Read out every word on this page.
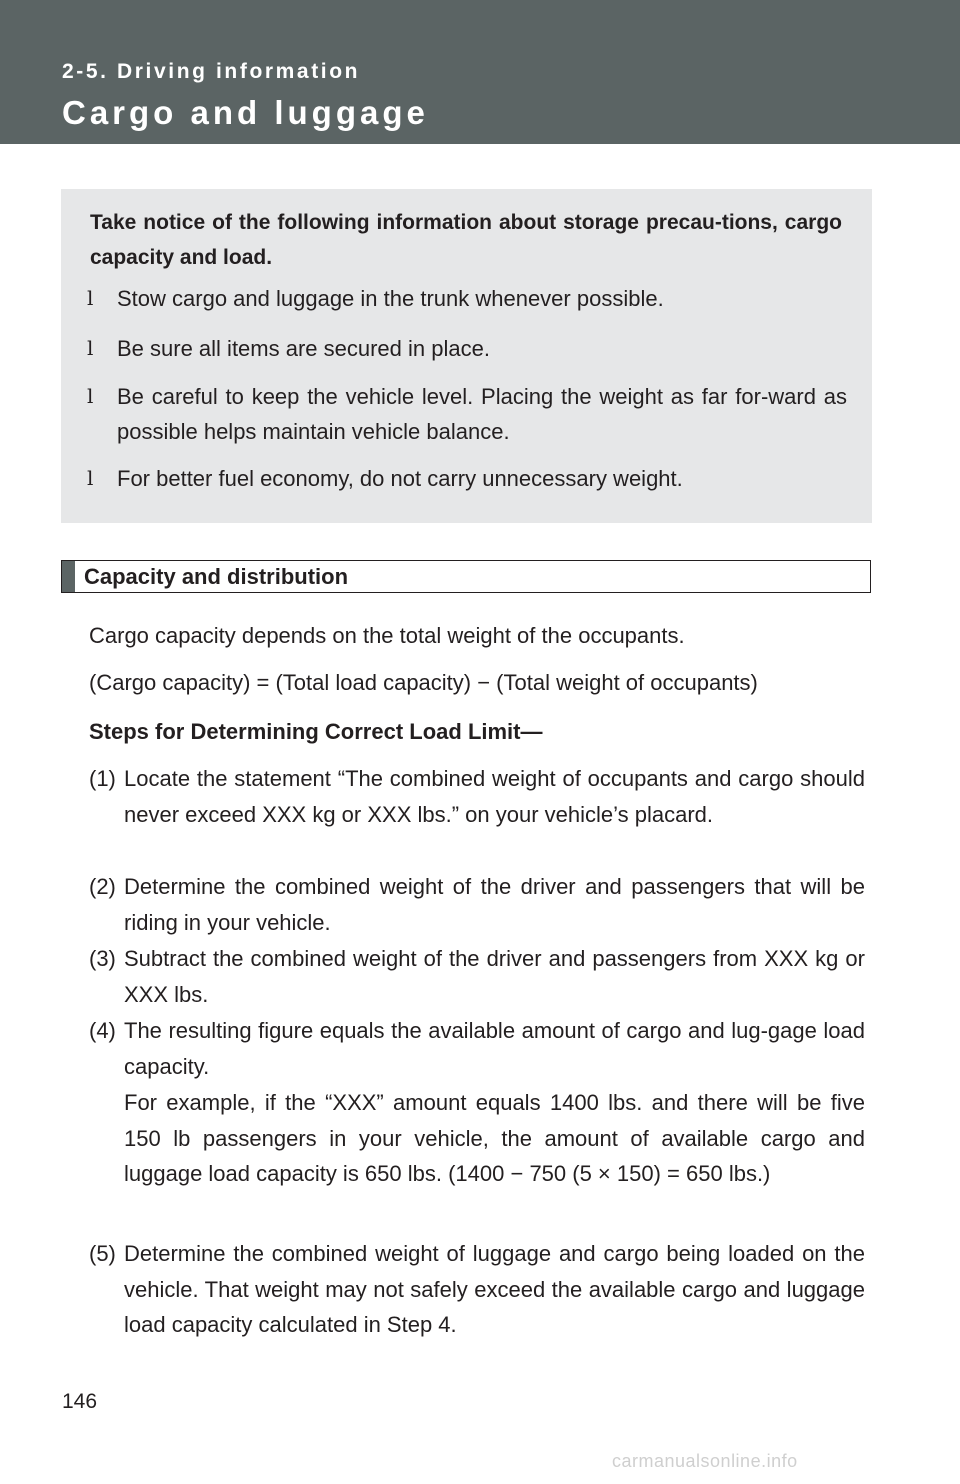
2-5. Driving information
Cargo and luggage
Take notice of the following information about storage precau-tions, cargo capacity and load.
l	Stow cargo and luggage in the trunk whenever possible.
l	Be sure all items are secured in place.
l	Be careful to keep the vehicle level. Placing the weight as far for-ward as possible helps maintain vehicle balance.
l	For better fuel economy, do not carry unnecessary weight.
Capacity and distribution
Cargo capacity depends on the total weight of the occupants.
(Cargo capacity) = (Total load capacity) − (Total weight of occupants)
Steps for Determining Correct Load Limit—
(1) Locate the statement “The combined weight of occupants and cargo should never exceed XXX kg or XXX lbs.” on your vehicle’s placard.
(2) Determine the combined weight of the driver and passengers that will be riding in your vehicle.
(3) Subtract the combined weight of the driver and passengers from XXX kg or XXX lbs.
(4) The resulting figure equals the available amount of cargo and lug-gage load capacity.
For example, if the “XXX” amount equals 1400 lbs. and there will be five 150 lb passengers in your vehicle, the amount of available cargo and luggage load capacity is 650 lbs. (1400 − 750 (5 × 150) = 650 lbs.)
(5) Determine the combined weight of luggage and cargo being loaded on the vehicle. That weight may not safely exceed the available cargo and luggage load capacity calculated in Step 4.
146
carmanualsonline.info
